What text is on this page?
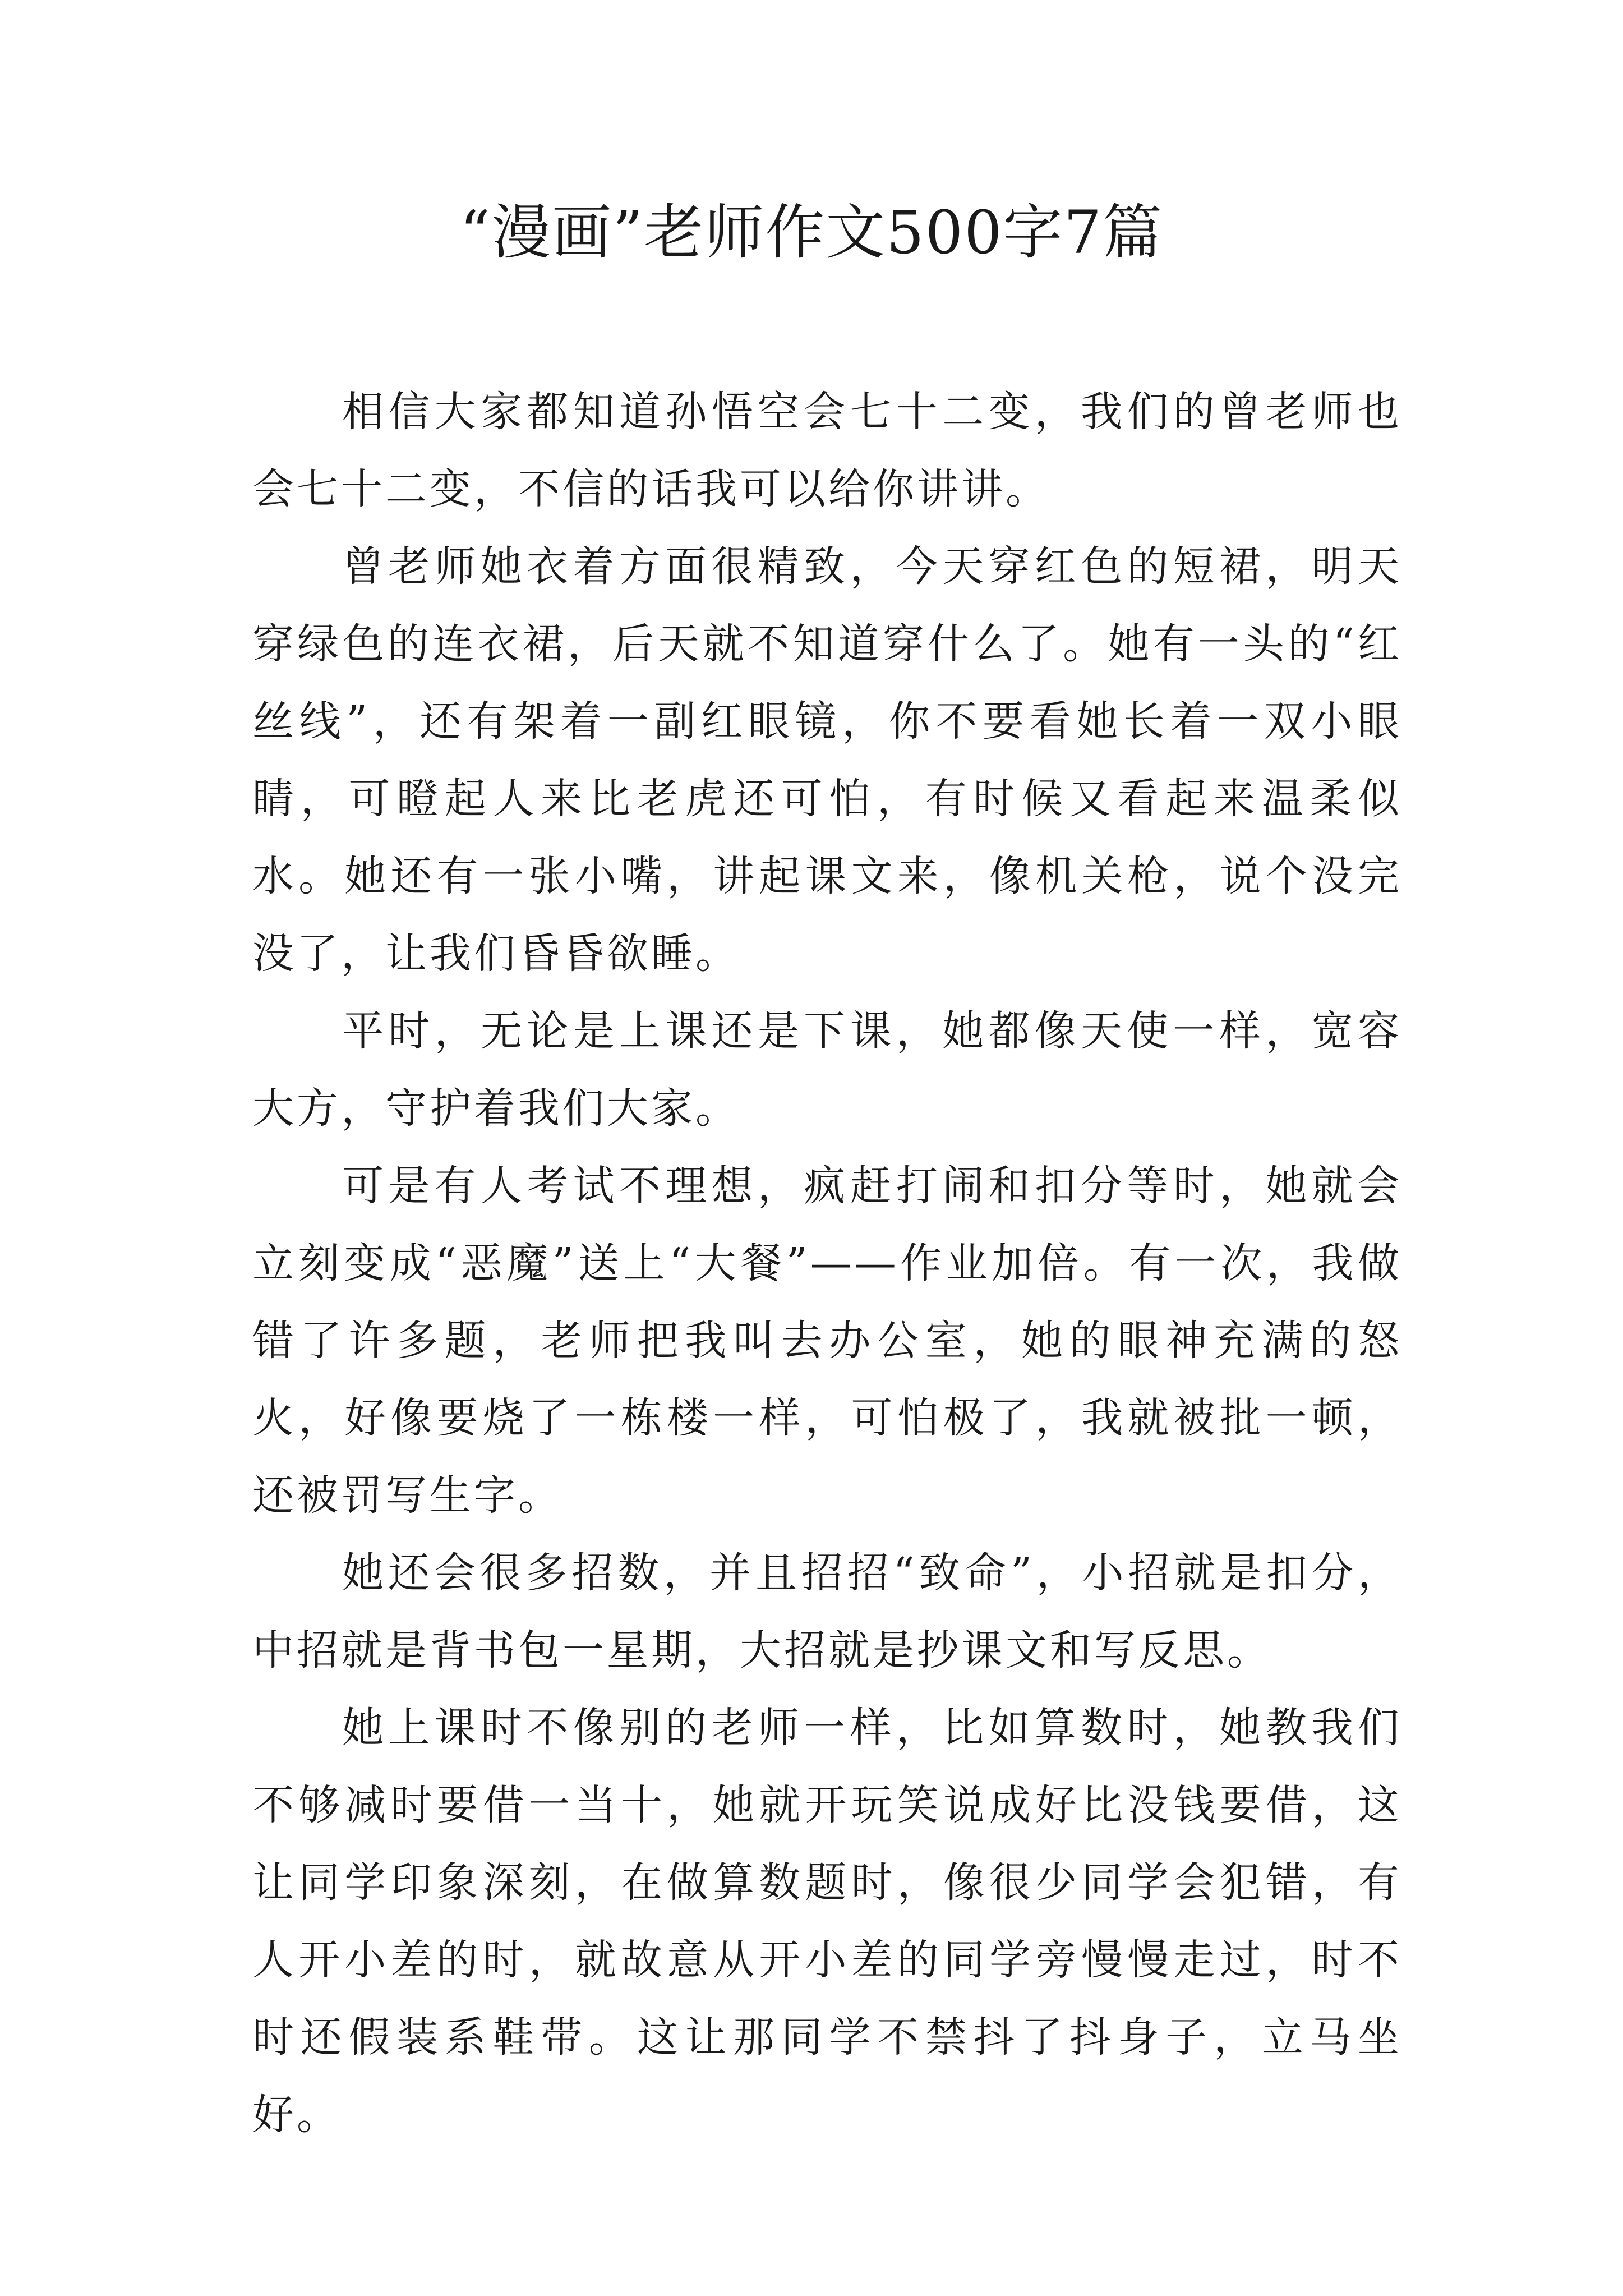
“漫画”老师作文500字7篇

相信大家都知道孙悟空会七十二变，我们的曾老师也会七十二变，不信的话我可以给你讲讲。

曾老师她衣着方面很精致，今天穿红色的短裙，明天穿绿色的连衣裙，后天就不知道穿什么了。她有一头的“红丝线”，还有架着一副红眼镜，你不要看她长着一双小眼睛，可瞪起人来比老虎还可怕，有时候又看起来温柔似水。她还有一张小嘴，讲起课文来，像机关枪，说个没完没了，让我们昏昏欲睡。

平时，无论是上课还是下课，她都像天使一样，宽容大方，守护着我们大家。

可是有人考试不理想，疯赶打闹和扣分等时，她就会立刻变成“恶魔”送上“大餐”——作业加倍。有一次，我做错了许多题，老师把我叫去办公室，她的眼神充满的怒火，好像要烧了一栋楼一样，可怕极了，我就被批一顿，还被罚写生字。

她还会很多招数，并且招招“致命”，小招就是扣分，中招就是背书包一星期，大招就是抄课文和写反思。

她上课时不像别的老师一样，比如算数时，她教我们不够减时要借一当十，她就开玩笑说成好比没钱要借，这让同学印象深刻，在做算数题时，像很少同学会犯错，有人开小差的时，就故意从开小差的同学旁慢慢走过，时不时还假装系鞋带。这让那同学不禁抖了抖身子，立马坐好。
